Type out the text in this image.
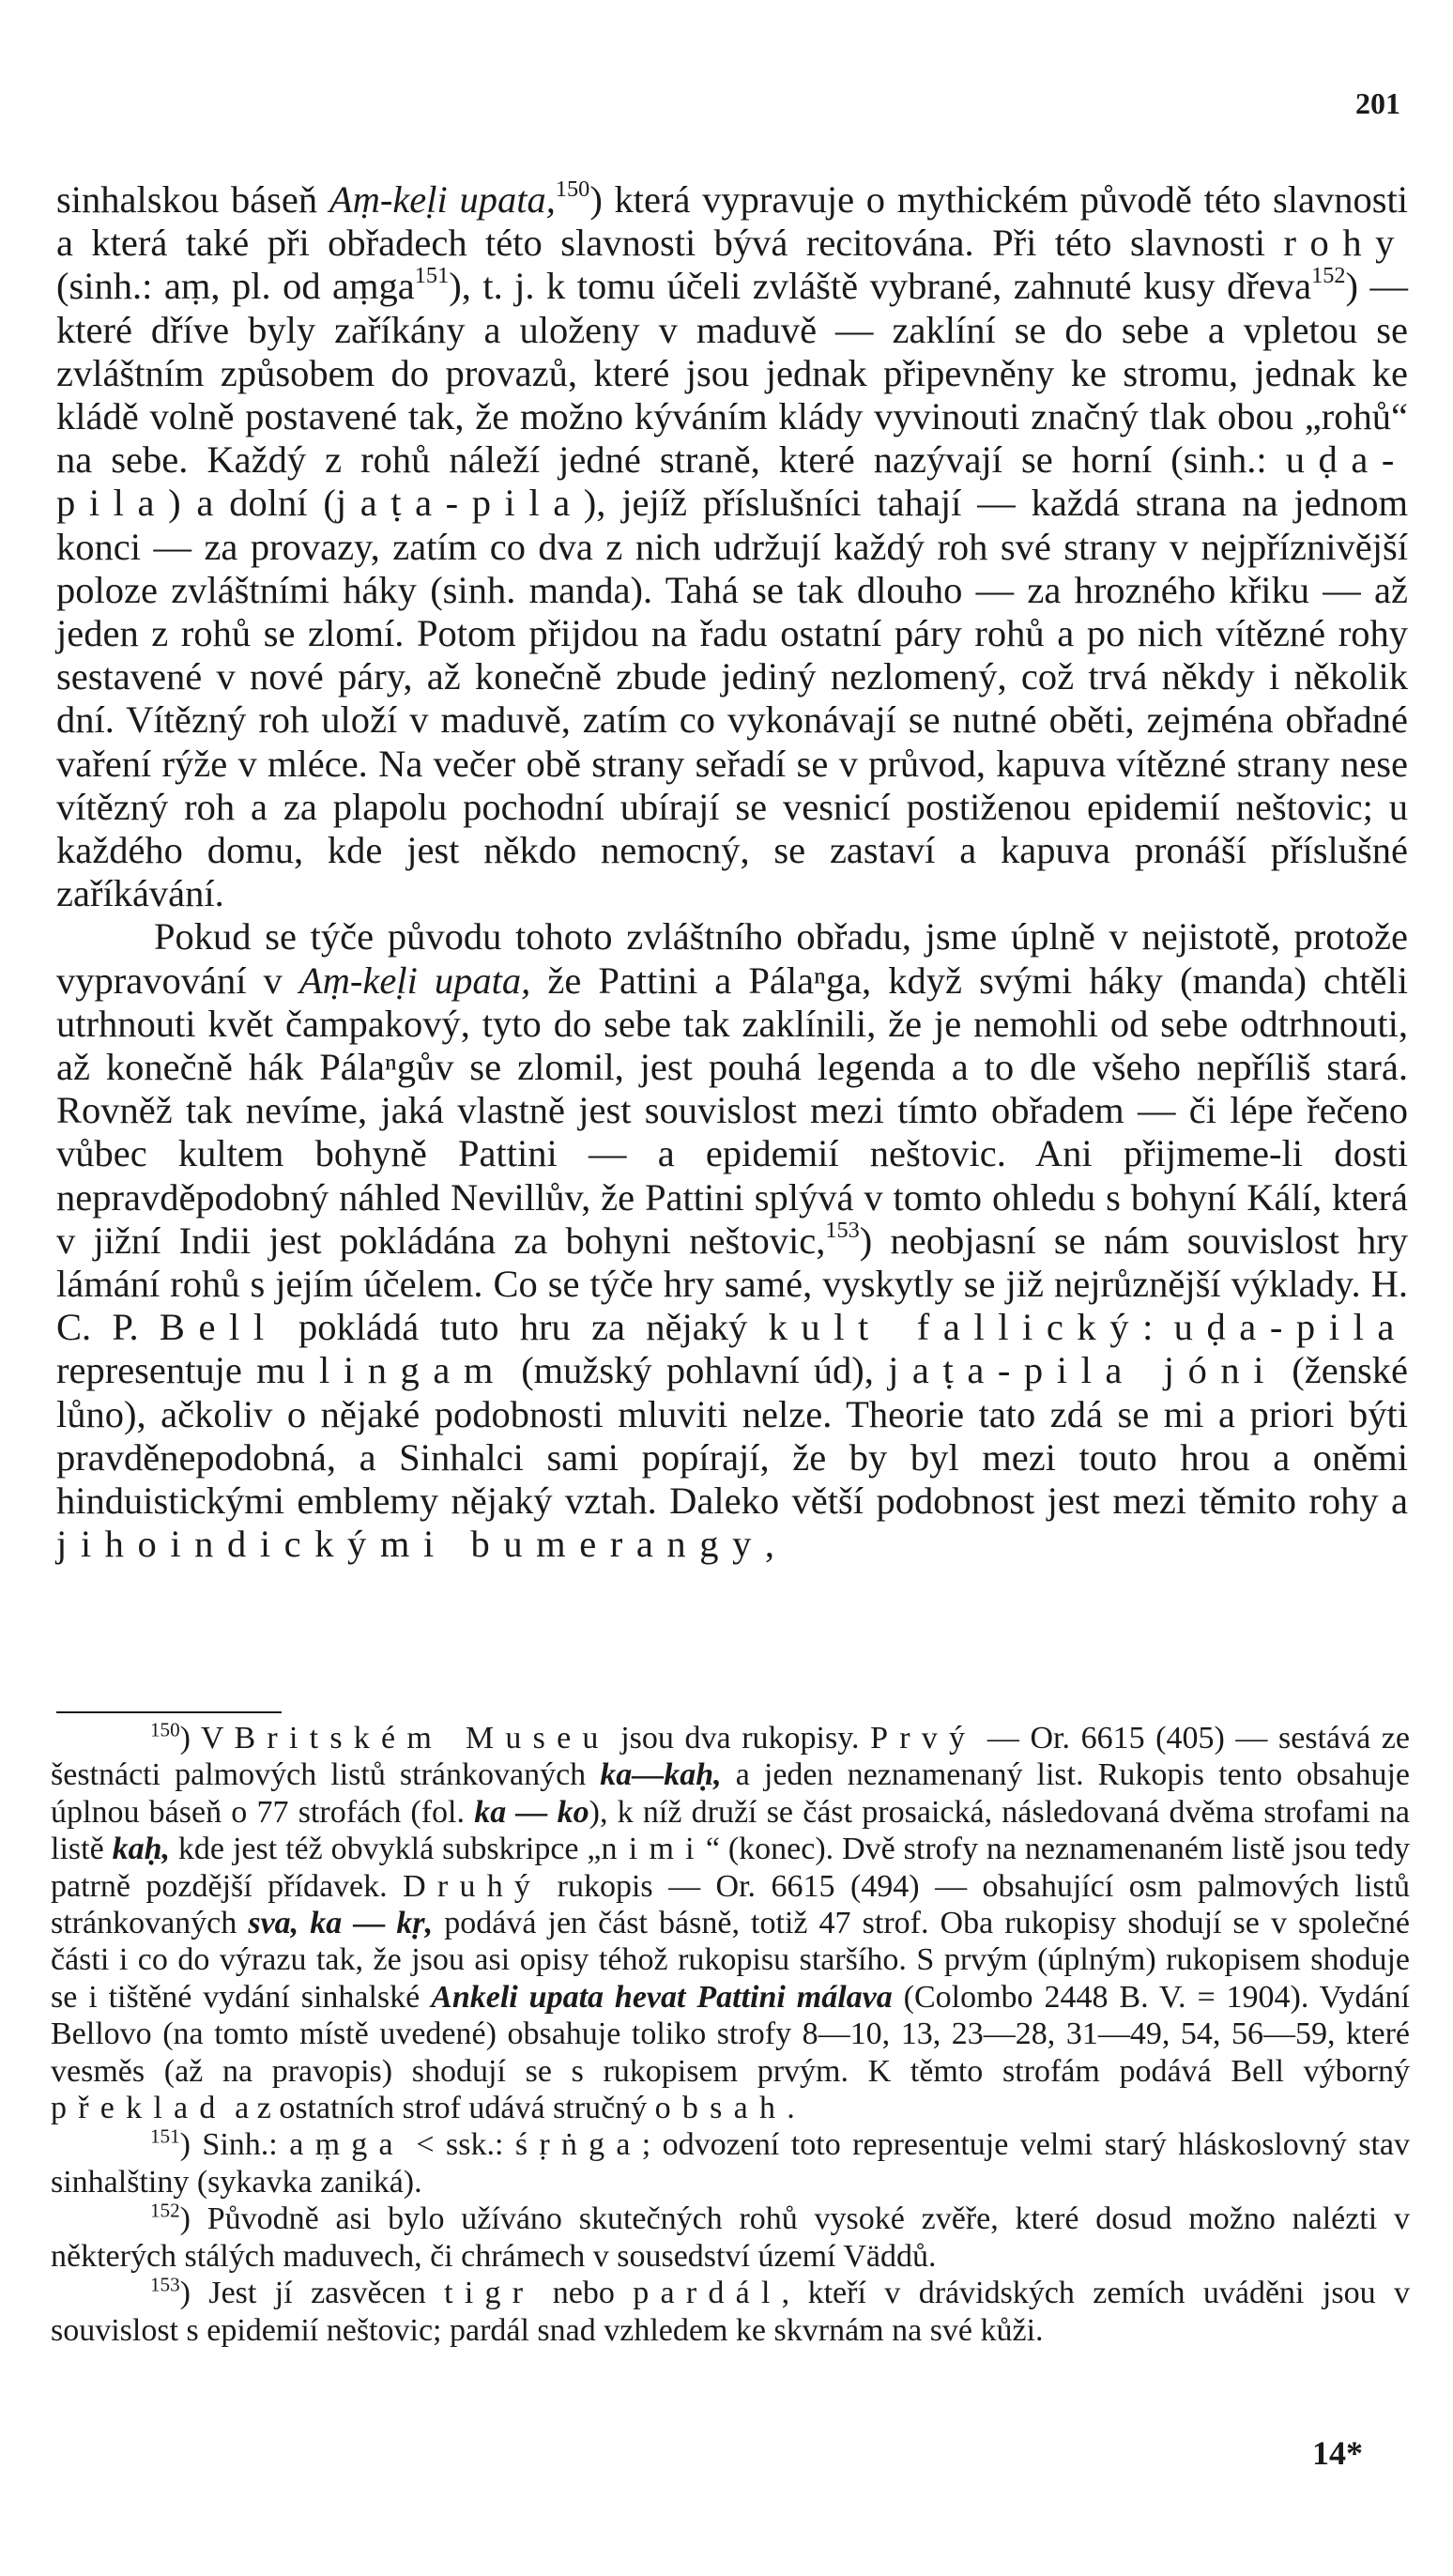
201

sinhalskou báseň Aṃ-keḷi upata,$^{150}$) která vypravuje o mythickém původě této slavnosti a která také při obřadech této slavnosti bývá recitována. Při této slavnosti rohy (sinh.: aṃ, pl. od aṃga$^{151}$), t. j. k tomu účeli zvláště vybrané, zahnuté kusy dřeva$^{152}$) — které dříve byly zaříkány a uloženy v maduvě — zaklíní se do sebe a vpletou se zvláštním způsobem do provazů, které jsou jednak připevněny ke stromu, jednak ke kládě volně postavené tak, že možno kýváním klády vyvinouti značný tlak obou „rohů“ na sebe. Každý z rohů náleží jedné straně, které nazývají se horní (sinh.: uḍa-pila) a dolní (jaṭa-pila), jejíž příslušníci tahají — každá strana na jednom konci — za provazy, zatím co dva z nich udržují každý roh své strany v nejpříznivější poloze zvláštními háky (sinh. manda). Tahá se tak dlouho — za hrozného křiku — až jeden z rohů se zlomí. Potom přijdou na řadu ostatní páry rohů a po nich vítězné rohy sestavené v nové páry, až konečně zbude jediný nezlomený, což trvá někdy i několik dní. Vítězný roh uloží v maduvě, zatím co vykonávají se nutné oběti, zejména obřadné vaření rýže v mléce. Na večer obě strany seřadí se v průvod, kapuva vítězné strany nese vítězný roh a za plapolu pochodní ubírají se vesnicí postiženou epidemií neštovic; u každého domu, kde jest někdo nemocný, se zastaví a kapuva pronáší příslušné zaříkávání.

Pokud se týče původu tohoto zvláštního obřadu, jsme úplně v nejistotě, protože vypravování v Aṃ-keḷi upata, že Pattini a Pálaⁿga, když svými háky (manda) chtěli utrhnouti květ čampakový, tyto do sebe tak zaklínili, že je nemohli od sebe odtrhnouti, až konečně hák Pálaⁿgův se zlomil, jest pouhá legenda a to dle všeho nepříliš stará. Rovněž tak nevíme, jaká vlastně jest souvislost mezi tímto obřadem — či lépe řečeno vůbec kultem bohyně Pattini — a epidemií neštovic. Ani přijmeme-li dosti nepravděpodobný náhled Nevillův, že Pattini splývá v tomto ohledu s bohyní Kálí, která v jižní Indii jest pokládána za bohyni neštovic,$^{153}$) neobjasní se nám souvislost hry lámání rohů s jejím účelem. Co se týče hry samé, vyskytly se již nejrůznější výklady. H. C. P. Bell pokládá tuto hru za nějaký kult fallický: uḍa-pila representuje mu lingam (mužský pohlavní úd), jaṭa-pila jóni (ženské lůno), ačkoliv o nějaké podobnosti mluviti nelze. Theorie tato zdá se mi a priori býti pravděnepodobná, a Sinhalci sami popírají, že by byl mezi touto hrou a oněmi hinduistickými emblemy nějaký vztah. Daleko větší podobnost jest mezi těmito rohy a jihoindickými bumerangy,

$^{150}$) V Britském Museu jsou dva rukopisy. Prvý — Or. 6615 (405) — sestává ze šestnácti palmových listů stránkovaných ka—kaḥ, a jeden neznamenaný list. Rukopis tento obsahuje úplnou báseň o 77 strofách (fol. ka — ko), k níž druží se část prosaická, následovaná dvěma strofami na listě kaḥ, kde jest též obvyklá subskripce „nimi“ (konec). Dvě strofy na neznamenaném listě jsou tedy patrně pozdější přídavek. Druhý rukopis — Or. 6615 (494) — obsahující osm palmových listů stránkovaných sva, ka — kṛ, podává jen část básně, totiž 47 strof. Oba rukopisy shodují se v společné části i co do výrazu tak, že jsou asi opisy téhož rukopisu staršího. S prvým (úplným) rukopisem shoduje se i tištěné vydání sinhalské Ankeli upata hevat Pattini málava (Colombo 2448 B. V. = 1904). Vydání Bellovo (na tomto místě uvedené) obsahuje toliko strofy 8—10, 13, 23—28, 31—49, 54, 56—59, které vesměs (až na pravopis) shodují se s rukopisem prvým. K těmto strofám podává Bell výborný překlad a z ostatních strof udává stručný obsah.

$^{151}$) Sinh.: aṃga < ssk.: śṛṅga; odvození toto representuje velmi starý hláskoslovný stav sinhalštiny (sykavka zaniká).

$^{152}$) Původně asi bylo užíváno skutečných rohů vysoké zvěře, které dosud možno nalézti v některých stálých maduvech, či chrámech v sousedství území Väddů.

$^{153}$) Jest jí zasvěcen tigr nebo pardál, kteří v drávidských zemích uváděni jsou v souvislost s epidemií neštovic; pardál snad vzhledem ke skvrnám na své kůži.

14*
